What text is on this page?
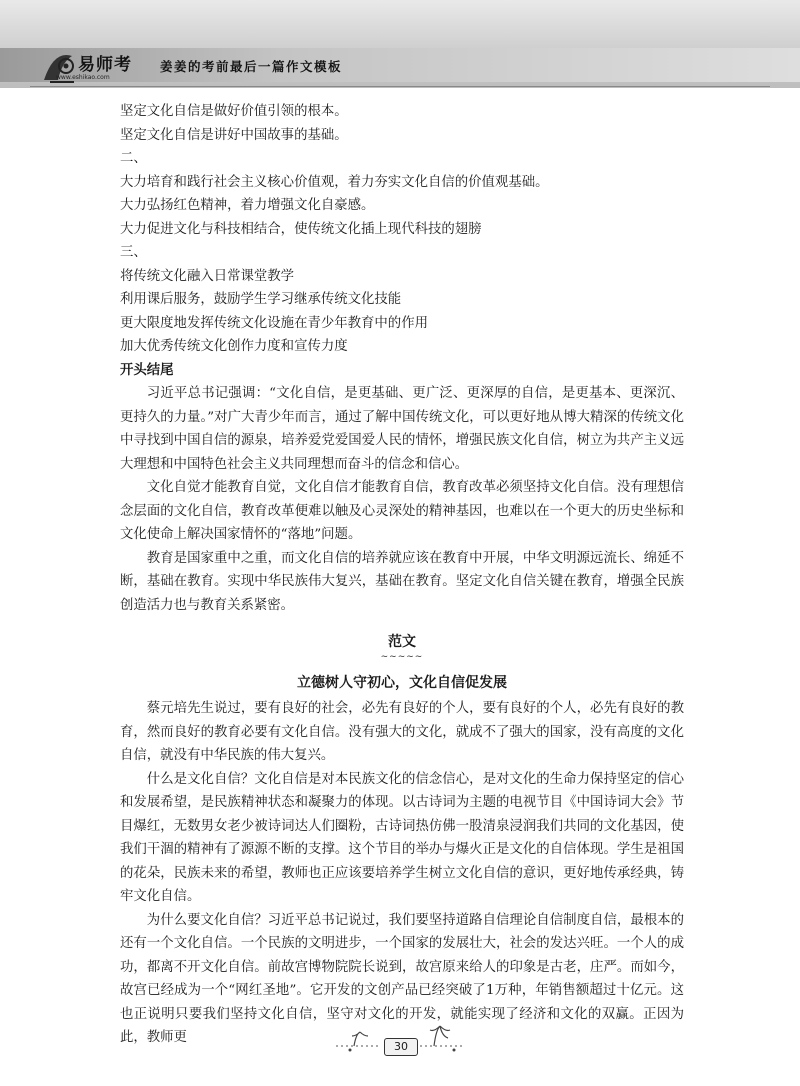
易师考
www.eshikao.com
姜姜的考前最后一篇作文模板
坚定文化自信是做好价值引领的根本。
坚定文化自信是讲好中国故事的基础。
二、
大力培育和践行社会主义核心价值观，着力夯实文化自信的价值观基础。
大力弘扬红色精神，着力增强文化自豪感。
大力促进文化与科技相结合，使传统文化插上现代科技的翅膀
三、
将传统文化融入日常课堂教学
利用课后服务，鼓励学生学习继承传统文化技能
更大限度地发挥传统文化设施在青少年教育中的作用
加大优秀传统文化创作力度和宣传力度
开头结尾
习近平总书记强调：“文化自信，是更基础、更广泛、更深厚的自信，是更基本、更深沉、更持久的力量。”对广大青少年而言，通过了解中国传统文化，可以更好地从博大精深的传统文化中寻找到中国自信的源泉，培养爱党爱国爱人民的情怀，增强民族文化自信，树立为共产主义远大理想和中国特色社会主义共同理想而奋斗的信念和信心。
文化自觉才能教育自觉，文化自信才能教育自信，教育改革必须坚持文化自信。没有理想信念层面的文化自信，教育改革便难以触及心灵深处的精神基因，也难以在一个更大的历史坐标和文化使命上解决国家情怀的“落地”问题。
教育是国家重中之重，而文化自信的培养就应该在教育中开展，中华文明源远流长、绵延不断，基础在教育。实现中华民族伟大复兴，基础在教育。坚定文化自信关键在教育，增强全民族创造活力也与教育关系紧密。
范文
~~~~~
立德树人守初心，文化自信促发展
蔡元培先生说过，要有良好的社会，必先有良好的个人，要有良好的个人，必先有良好的教育，然而良好的教育必要有文化自信。没有强大的文化，就成不了强大的国家，没有高度的文化自信，就没有中华民族的伟大复兴。
什么是文化自信？文化自信是对本民族文化的信念信心，是对文化的生命力保持坚定的信心和发展希望，是民族精神状态和凝聚力的体现。以古诗词为主题的电视节目《中国诗词大会》节目爆红，无数男女老少被诗词达人们圈粉，古诗词热仿佛一股清泉浸润我们共同的文化基因，使我们干涸的精神有了源源不断的支撑。这个节目的举办与爆火正是文化的自信体现。学生是祖国的花朵，民族未来的希望，教师也正应该要培养学生树立文化自信的意识，更好地传承经典，铸牢文化自信。
为什么要文化自信？习近平总书记说过，我们要坚持道路自信理论自信制度自信，最根本的还有一个文化自信。一个民族的文明进步，一个国家的发展壮大，社会的发达兴旺。一个人的成功，都离不开文化自信。前故宫博物院院长说到，故宫原来给人的印象是古老，庄严。而如今，故宫已经成为一个“网红圣地”。它开发的文创产品已经突破了1万种，年销售额超过十亿元。这也正说明只要我们坚持文化自信，坚守对文化的开发，就能实现了经济和文化的双赢。正因为此，教师更
30
